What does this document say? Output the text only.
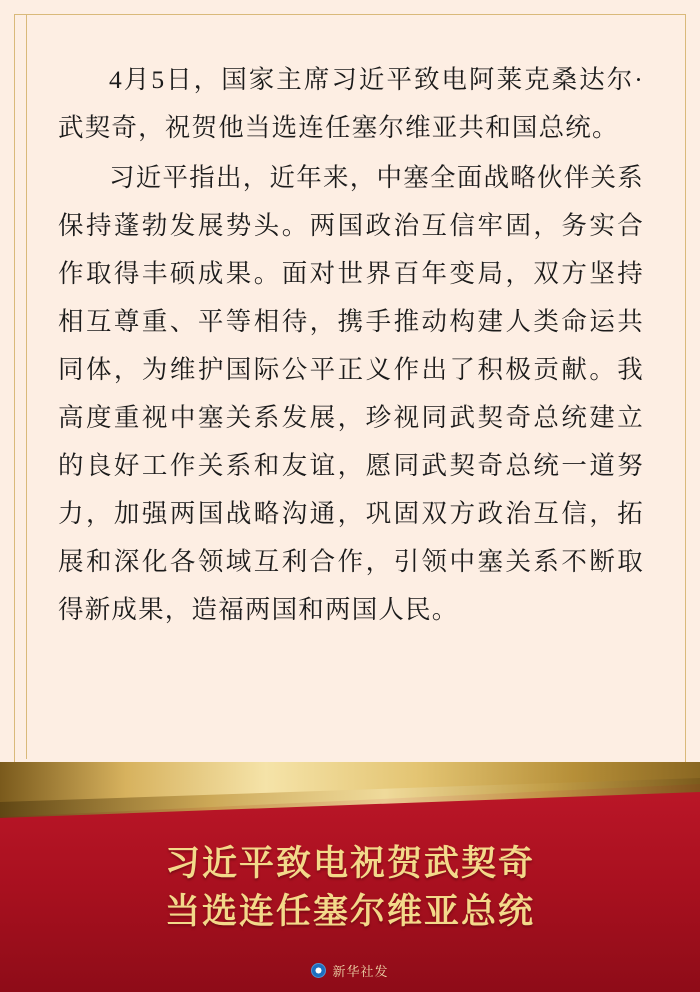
4月5日，国家主席习近平致电阿莱克桑达尔·武契奇，祝贺他当选连任塞尔维亚共和国总统。

习近平指出，近年来，中塞全面战略伙伴关系保持蓬勃发展势头。两国政治互信牢固，务实合作取得丰硕成果。面对世界百年变局，双方坚持相互尊重、平等相待，携手推动构建人类命运共同体，为维护国际公平正义作出了积极贡献。我高度重视中塞关系发展，珍视同武契奇总统建立的良好工作关系和友谊，愿同武契奇总统一道努力，加强两国战略沟通，巩固双方政治互信，拓展和深化各领域互利合作，引领中塞关系不断取得新成果，造福两国和两国人民。

习近平致电祝贺武契奇
当选连任塞尔维亚总统
新华社发
